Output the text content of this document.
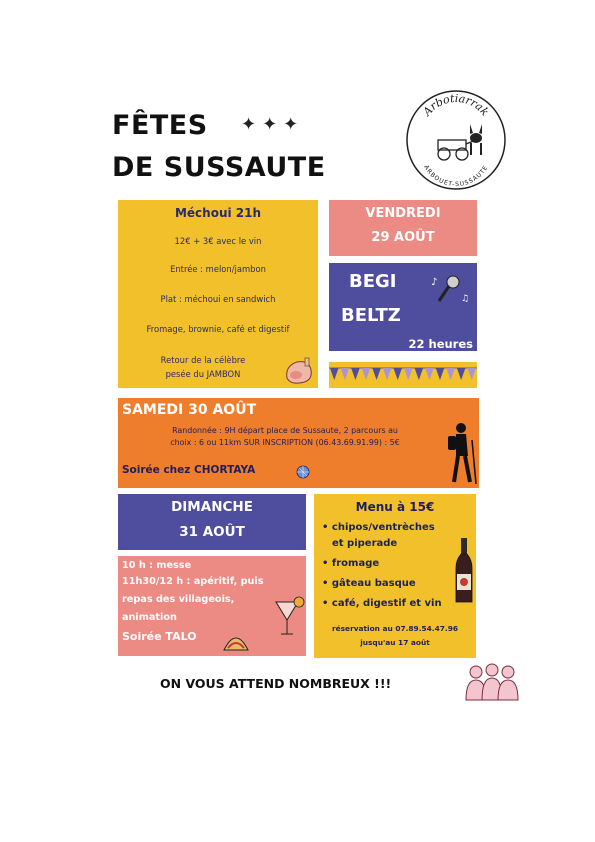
FÊTES ✦✦✦
DE SUSSAUTE
Arbotiarrak
ARBOUET-SUSSAUTE
Méchoui 21h
12€ + 3€ avec le vin
Entrée : melon/jambon
Plat : méchoui en sandwich
Fromage, brownie, café et digestif
Retour de la célèbre
pesée du JAMBON
VENDREDI
29 AOÛT
BEGI
BELTZ
22 heures
♪
♫
SAMEDI 30 AOÛT
Randonnée : 9H départ place de Sussaute, 2 parcours au
choix : 6 ou 11km SUR INSCRIPTION (06.43.69.91.99) : 5€
Soirée chez CHORTAYA
DIMANCHE
31 AOÛT
10 h : messe
11h30/12 h : apéritif, puis
repas des villageois,
animation
Soirée TALO
Menu à 15€
• chipos/ventrèches
et piperade
• fromage
• gâteau basque
• café, digestif et vin
réservation au 07.89.54.47.96
jusqu'au 17 août
ON VOUS ATTEND NOMBREUX !!!
